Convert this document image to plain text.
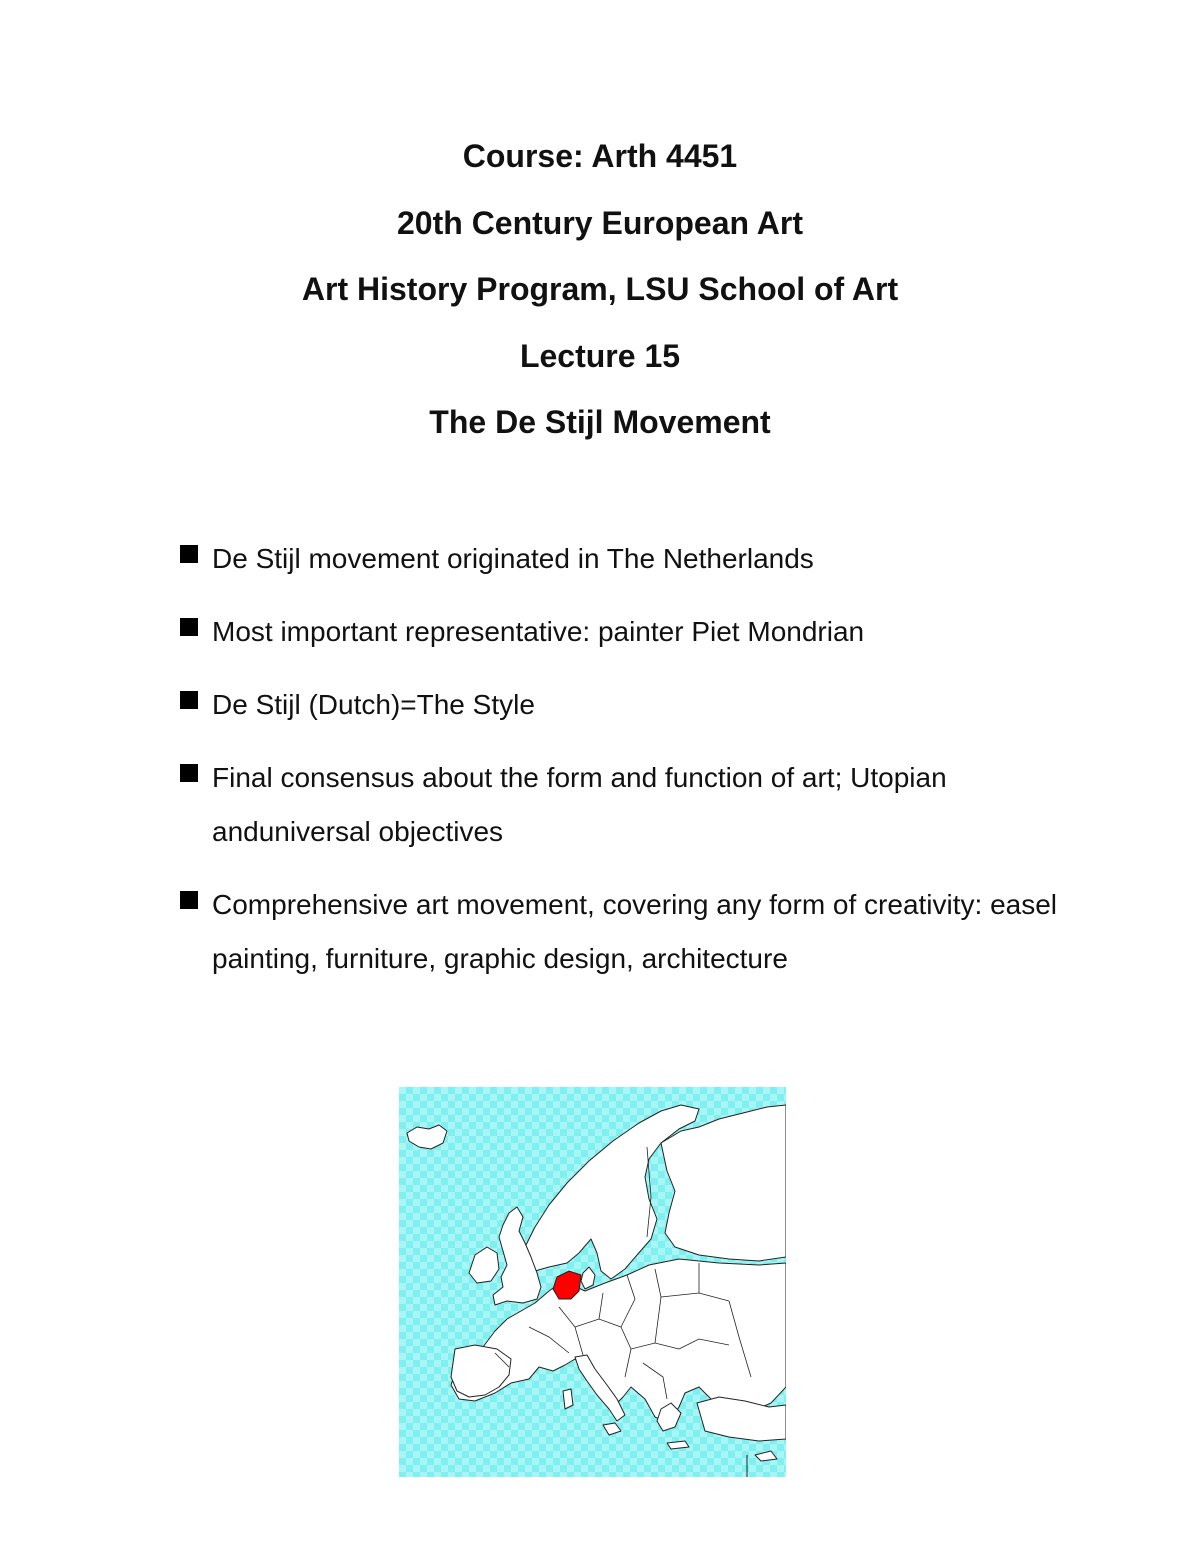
Course: Arth 4451

20th Century European Art

Art History Program, LSU School of Art

Lecture 15

The De Stijl Movement

De Stijl movement originated in The Netherlands
Most important representative: painter Piet Mondrian
De Stijl (Dutch)=The Style
Final consensus about the form and function of art; Utopian anduniversal objectives
Comprehensive art movement, covering any form of creativity: easel painting, furniture, graphic design, architecture
